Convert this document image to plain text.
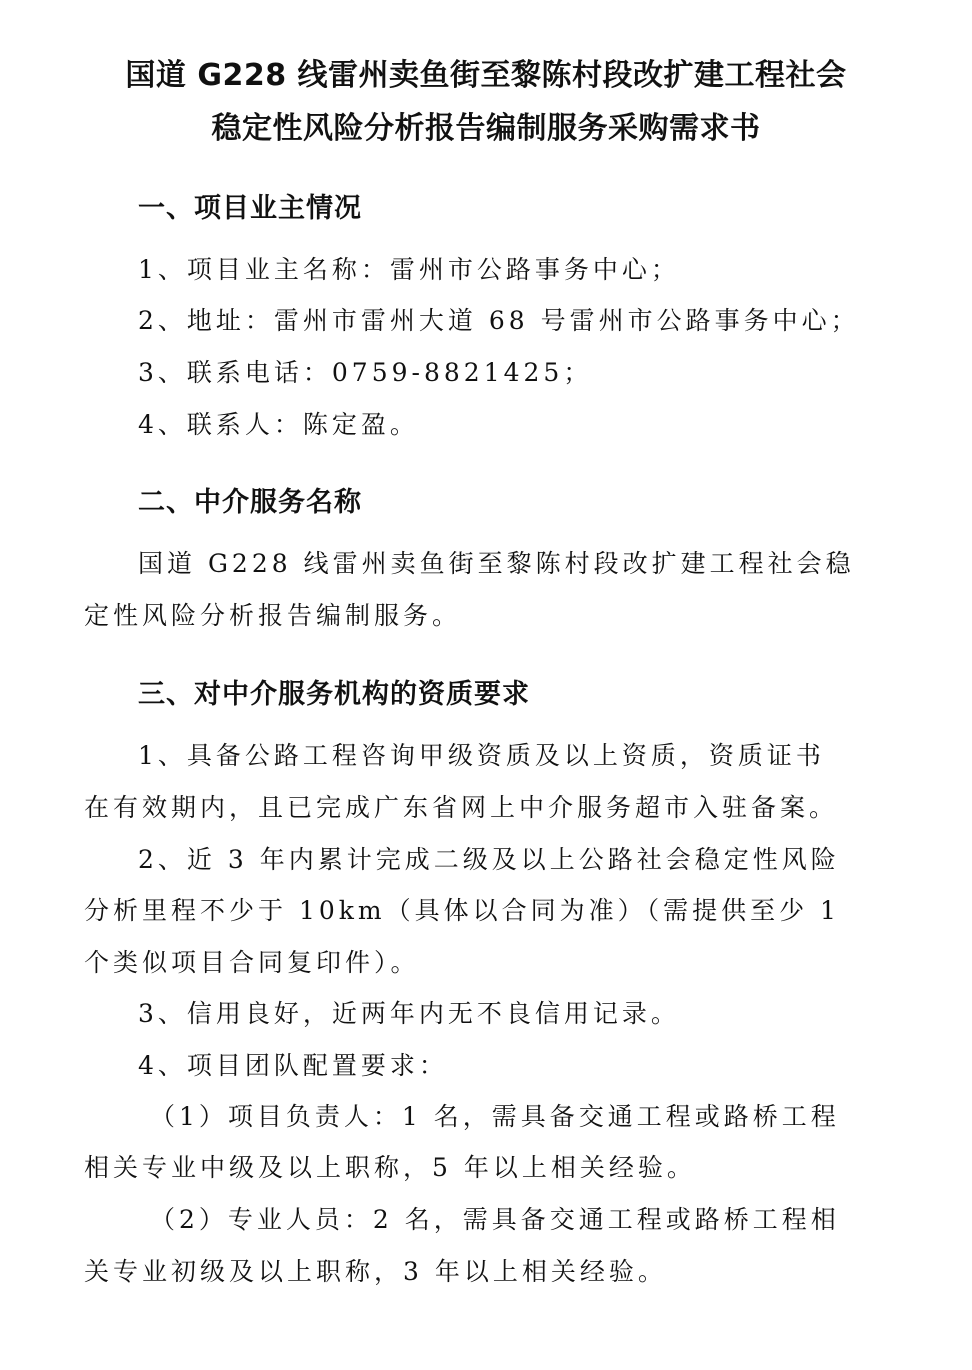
国道 G228 线雷州卖鱼街至黎陈村段改扩建工程社会
稳定性风险分析报告编制服务采购需求书
一、项目业主情况
1、项目业主名称：雷州市公路事务中心；
2、地址：雷州市雷州大道 68 号雷州市公路事务中心；
3、联系电话：0759-8821425；
4、联系人：陈定盈。
二、中介服务名称
国道 G228 线雷州卖鱼街至黎陈村段改扩建工程社会稳
定性风险分析报告编制服务。
三、对中介服务机构的资质要求
1、具备公路工程咨询甲级资质及以上资质，资质证书
在有效期内，且已完成广东省网上中介服务超市入驻备案。
2、近 3 年内累计完成二级及以上公路社会稳定性风险
分析里程不少于 10km（具体以合同为准）（需提供至少 1
个类似项目合同复印件）。
3、信用良好，近两年内无不良信用记录。
4、项目团队配置要求：
（1）项目负责人：1 名，需具备交通工程或路桥工程
相关专业中级及以上职称，5 年以上相关经验。
（2）专业人员：2 名，需具备交通工程或路桥工程相
关专业初级及以上职称，3 年以上相关经验。
